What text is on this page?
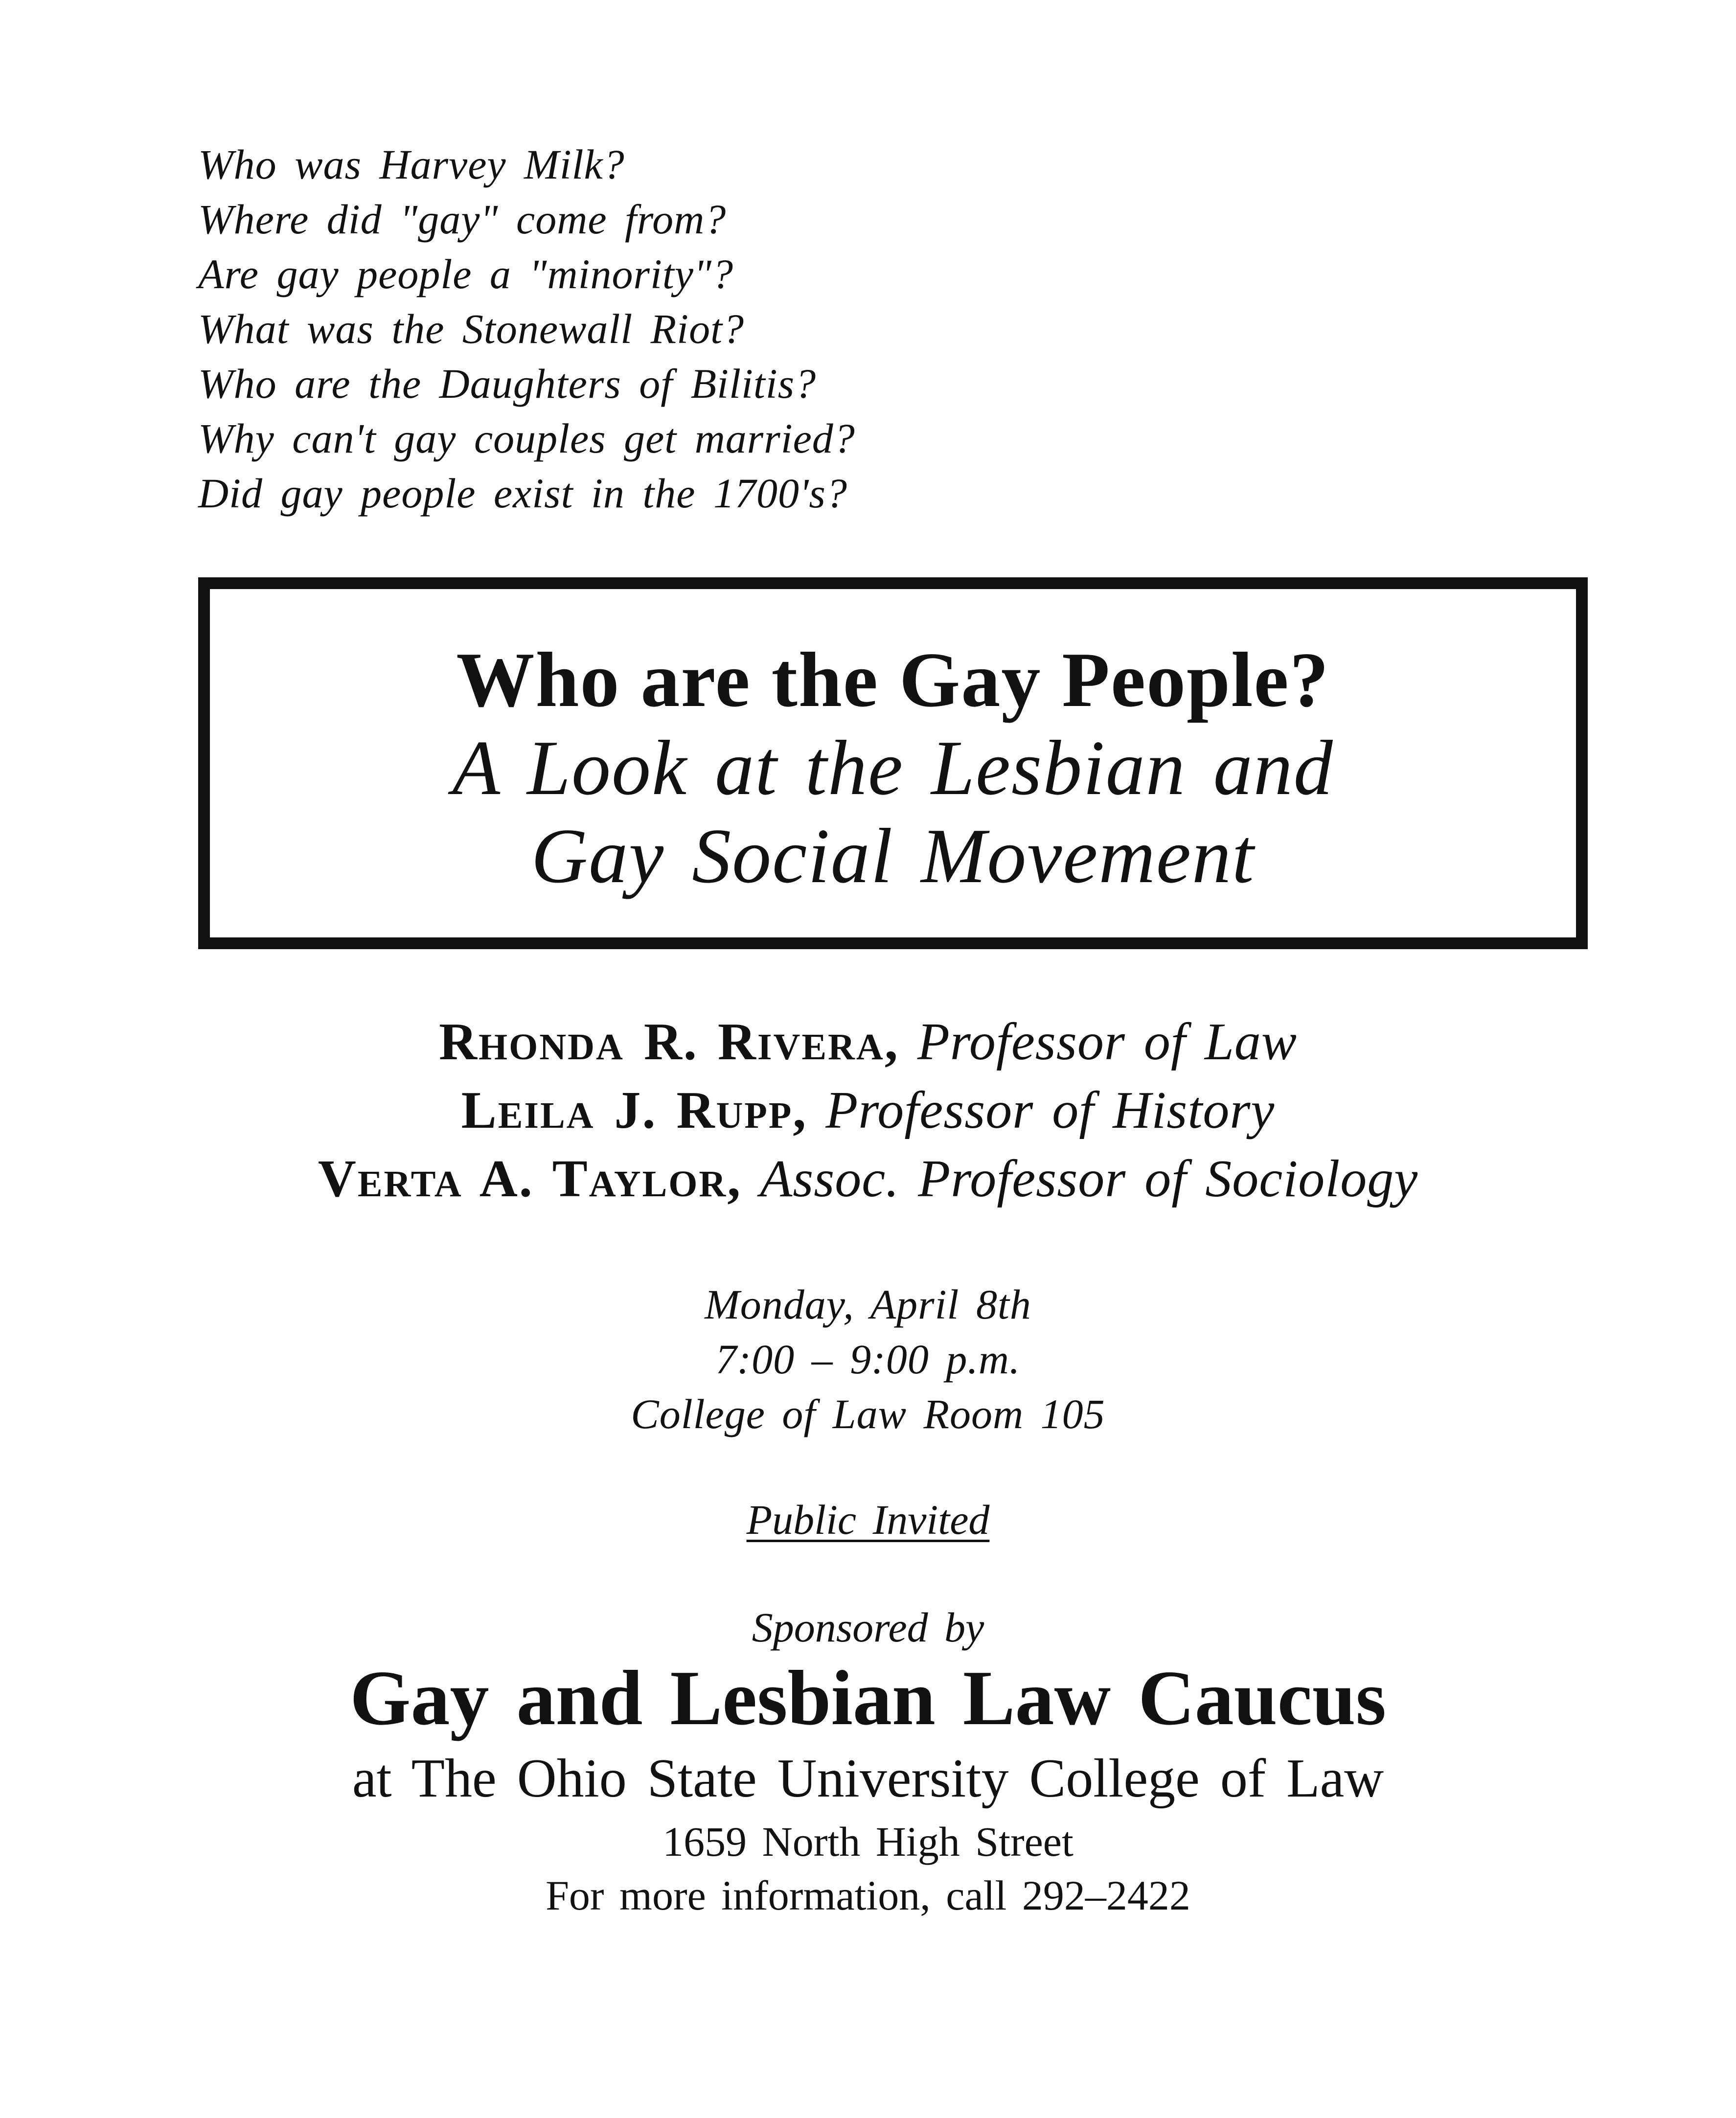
Who was Harvey Milk?
Where did "gay" come from?
Are gay people a "minority"?
What was the Stonewall Riot?
Who are the Daughters of Bilitis?
Why can't gay couples get married?
Did gay people exist in the 1700's?
Who are the Gay People?
A Look at the Lesbian and
Gay Social Movement
Rhonda R. Rivera, Professor of Law
Leila J. Rupp, Professor of History
Verta A. Taylor, Assoc. Professor of Sociology
Monday, April 8th
7:00 – 9:00 p.m.
College of Law Room 105
Public Invited
Sponsored by
Gay and Lesbian Law Caucus
at The Ohio State University College of Law
1659 North High Street
For more information, call 292–2422
